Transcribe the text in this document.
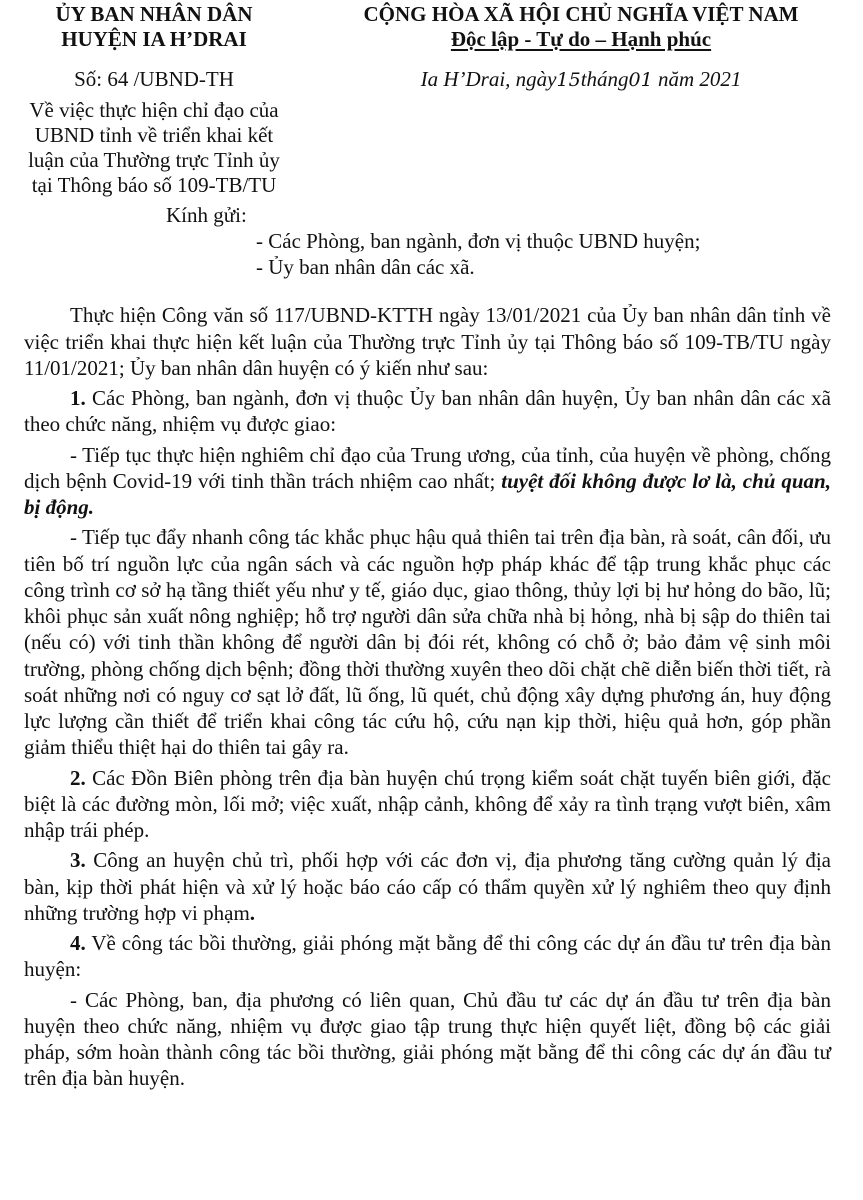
ỦY BAN NHÂN DÂN
HUYỆN IA H’DRAI
CỘNG HÒA XÃ HỘI CHỦ NGHĨA VIỆT NAM
Độc lập - Tự do – Hạnh phúc
Số: 64 /UBND-TH	Ia H’Drai, ngày15tháng01 năm 2021
Về việc thực hiện chỉ đạo của
UBND tỉnh về triển khai kết
luận của Thường trực Tỉnh ủy
tại Thông báo số 109-TB/TU
Kính gửi:
- Các Phòng, ban ngành, đơn vị thuộc UBND huyện;
- Ủy ban nhân dân các xã.

Thực hiện Công văn số 117/UBND-KTTH ngày 13/01/2021 của Ủy ban nhân dân tỉnh về việc triển khai thực hiện kết luận của Thường trực Tỉnh ủy tại Thông báo số 109-TB/TU ngày 11/01/2021; Ủy ban nhân dân huyện có ý kiến như sau:

1. Các Phòng, ban ngành, đơn vị thuộc Ủy ban nhân dân huyện, Ủy ban nhân dân các xã theo chức năng, nhiệm vụ được giao:

- Tiếp tục thực hiện nghiêm chỉ đạo của Trung ương, của tỉnh, của huyện về phòng, chống dịch bệnh Covid-19 với tinh thần trách nhiệm cao nhất; tuyệt đối không được lơ là, chủ quan, bị động.

- Tiếp tục đẩy nhanh công tác khắc phục hậu quả thiên tai trên địa bàn, rà soát, cân đối, ưu tiên bố trí nguồn lực của ngân sách và các nguồn hợp pháp khác để tập trung khắc phục các công trình cơ sở hạ tầng thiết yếu như y tế, giáo dục, giao thông, thủy lợi bị hư hỏng do bão, lũ; khôi phục sản xuất nông nghiệp; hỗ trợ người dân sửa chữa nhà bị hỏng, nhà bị sập do thiên tai (nếu có) với tinh thần không để người dân bị đói rét, không có chỗ ở; bảo đảm vệ sinh môi trường, phòng chống dịch bệnh; đồng thời thường xuyên theo dõi chặt chẽ diễn biến thời tiết, rà soát những nơi có nguy cơ sạt lở đất, lũ ống, lũ quét, chủ động xây dựng phương án, huy động lực lượng cần thiết để triển khai công tác cứu hộ, cứu nạn kịp thời, hiệu quả hơn, góp phần giảm thiểu thiệt hại do thiên tai gây ra.

2. Các Đồn Biên phòng trên địa bàn huyện chú trọng kiểm soát chặt tuyến biên giới, đặc biệt là các đường mòn, lối mở; việc xuất, nhập cảnh, không để xảy ra tình trạng vượt biên, xâm nhập trái phép.

3. Công an huyện chủ trì, phối hợp với các đơn vị, địa phương tăng cường quản lý địa bàn, kịp thời phát hiện và xử lý hoặc báo cáo cấp có thẩm quyền xử lý nghiêm theo quy định những trường hợp vi phạm.

4. Về công tác bồi thường, giải phóng mặt bằng để thi công các dự án đầu tư trên địa bàn huyện:

- Các Phòng, ban, địa phương có liên quan, Chủ đầu tư các dự án đầu tư trên địa bàn huyện theo chức năng, nhiệm vụ được giao tập trung thực hiện quyết liệt, đồng bộ các giải pháp, sớm hoàn thành công tác bồi thường, giải phóng mặt bằng để thi công các dự án đầu tư trên địa bàn huyện.
